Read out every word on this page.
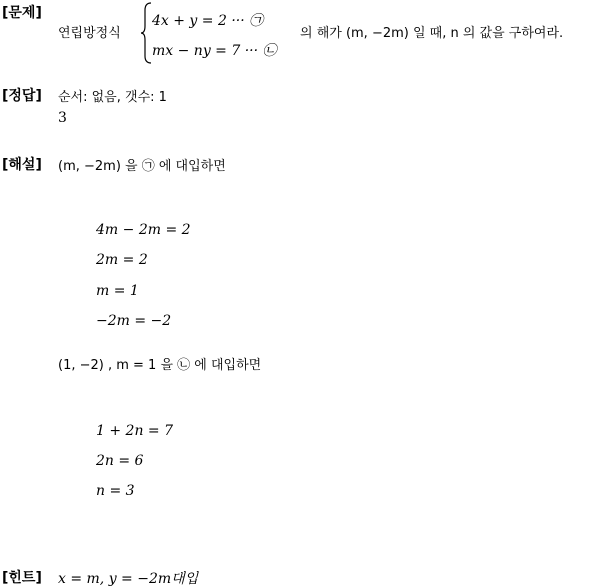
[문제]
연립방정식
4x + y = 2 ··· ㉠
mx − ny = 7 ··· ㉡
의 해가 (m, −2m) 일 때, n 의 값을 구하여라.
[정답] 순서: 없음, 갯수: 1
3
[해설] (m, −2m) 을 ㉠ 에 대입하면
4m − 2m = 2
2m = 2
m = 1
−2m = −2
(1, −2) , m = 1 을 ㉡ 에 대입하면
1 + 2n = 7
2n = 6
n = 3
[힌트] x = m, y = −2m대입
